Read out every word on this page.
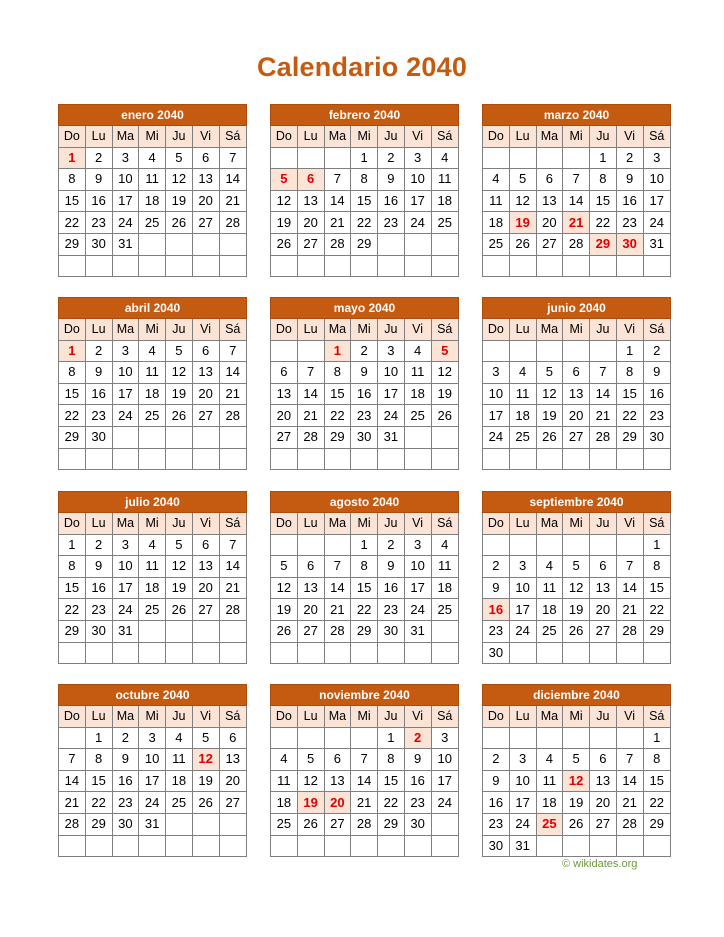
Calendario 2040
enero 2040						
Do	Lu	Ma	Mi	Ju	Vi	Sá
1	2	3	4	5	6	7
8	9	10	11	12	13	14
15	16	17	18	19	20	21
22	23	24	25	26	27	28
29	30	31				

febrero 2040						
Do	Lu	Ma	Mi	Ju	Vi	Sá
			1	2	3	4
5	6	7	8	9	10	11
12	13	14	15	16	17	18
19	20	21	22	23	24	25
26	27	28	29			

marzo 2040						
Do	Lu	Ma	Mi	Ju	Vi	Sá
				1	2	3
4	5	6	7	8	9	10
11	12	13	14	15	16	17
18	19	20	21	22	23	24
25	26	27	28	29	30	31

abril 2040						
Do	Lu	Ma	Mi	Ju	Vi	Sá
1	2	3	4	5	6	7
8	9	10	11	12	13	14
15	16	17	18	19	20	21
22	23	24	25	26	27	28
29	30					

mayo 2040						
Do	Lu	Ma	Mi	Ju	Vi	Sá
		1	2	3	4	5
6	7	8	9	10	11	12
13	14	15	16	17	18	19
20	21	22	23	24	25	26
27	28	29	30	31		

junio 2040						
Do	Lu	Ma	Mi	Ju	Vi	Sá
					1	2
3	4	5	6	7	8	9
10	11	12	13	14	15	16
17	18	19	20	21	22	23
24	25	26	27	28	29	30

julio 2040						
Do	Lu	Ma	Mi	Ju	Vi	Sá
1	2	3	4	5	6	7
8	9	10	11	12	13	14
15	16	17	18	19	20	21
22	23	24	25	26	27	28
29	30	31				

agosto 2040						
Do	Lu	Ma	Mi	Ju	Vi	Sá
			1	2	3	4
5	6	7	8	9	10	11
12	13	14	15	16	17	18
19	20	21	22	23	24	25
26	27	28	29	30	31	

septiembre 2040						
Do	Lu	Ma	Mi	Ju	Vi	Sá
						1
2	3	4	5	6	7	8
9	10	11	12	13	14	15
16	17	18	19	20	21	22
23	24	25	26	27	28	29
30						
octubre 2040						
Do	Lu	Ma	Mi	Ju	Vi	Sá
	1	2	3	4	5	6
7	8	9	10	11	12	13
14	15	16	17	18	19	20
21	22	23	24	25	26	27
28	29	30	31			

noviembre 2040						
Do	Lu	Ma	Mi	Ju	Vi	Sá
				1	2	3
4	5	6	7	8	9	10
11	12	13	14	15	16	17
18	19	20	21	22	23	24
25	26	27	28	29	30	

diciembre 2040						
Do	Lu	Ma	Mi	Ju	Vi	Sá
						1
2	3	4	5	6	7	8
9	10	11	12	13	14	15
16	17	18	19	20	21	22
23	24	25	26	27	28	29
30	31					
© wikidates.org
